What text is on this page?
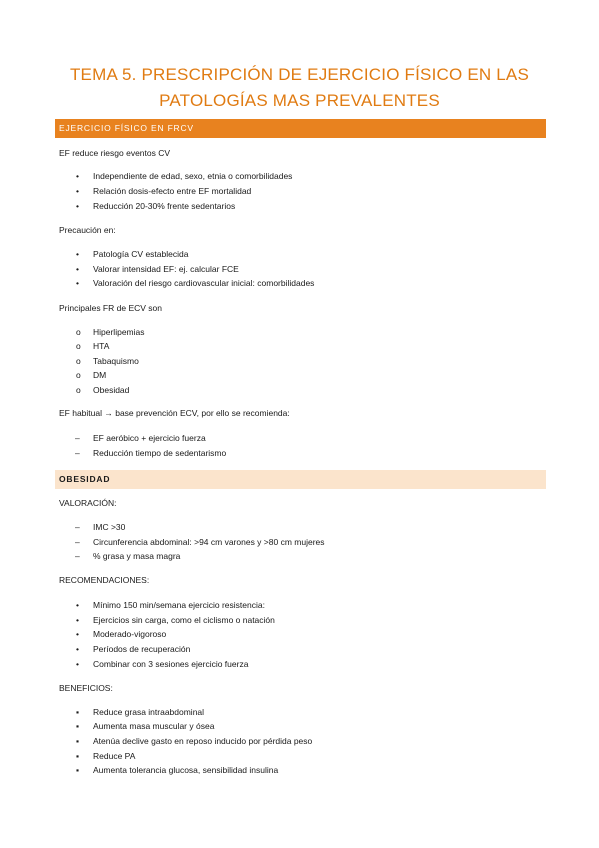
TEMA 5. PRESCRIPCIÓN DE EJERCICIO FÍSICO EN LAS
PATOLOGÍAS MAS PREVALENTES
EJERCICIO FÍSICO EN FRCV
EF reduce riesgo eventos CV
• Independiente de edad, sexo, etnia o comorbilidades
• Relación dosis-efecto entre EF mortalidad
• Reducción 20-30% frente sedentarios
Precaución en:
• Patología CV establecida
• Valorar intensidad EF: ej. calcular FCE
• Valoración del riesgo cardiovascular inicial: comorbilidades
Principales FR de ECV son
o Hiperlipemias
o HTA
o Tabaquismo
o DM
o Obesidad
EF habitual → base prevención ECV, por ello se recomienda:
– EF aeróbico + ejercicio fuerza
– Reducción tiempo de sedentarismo
OBESIDAD
VALORACIÓN:
– IMC >30
– Circunferencia abdominal: >94 cm varones y >80 cm mujeres
– % grasa y masa magra
RECOMENDACIONES:
• Mínimo 150 min/semana ejercicio resistencia:
• Ejercicios sin carga, como el ciclismo o natación
• Moderado-vigoroso
• Períodos de recuperación
• Combinar con 3 sesiones ejercicio fuerza
BENEFICIOS:
▪ Reduce grasa intraabdominal
▪ Aumenta masa muscular y ósea
▪ Atenúa declive gasto en reposo inducido por pérdida peso
▪ Reduce PA
▪ Aumenta tolerancia glucosa, sensibilidad insulina
